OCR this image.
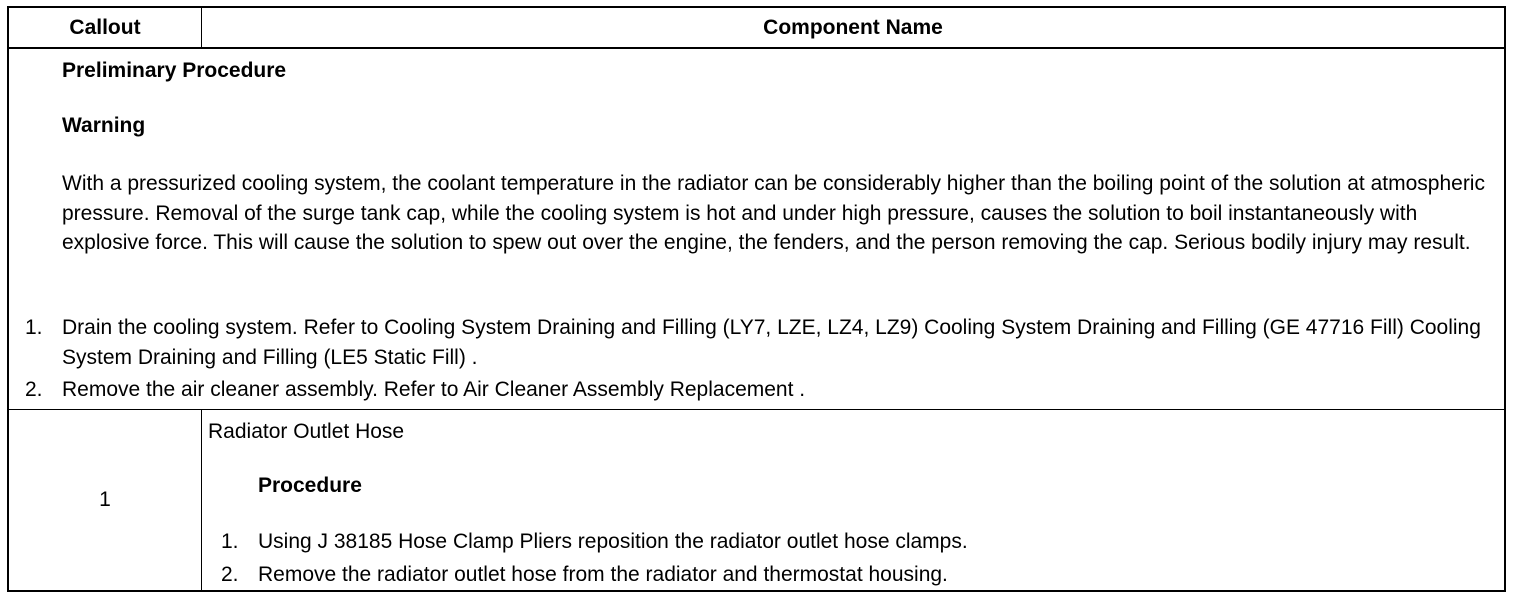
Callout	Component Name
Preliminary Procedure
Warning
With a pressurized cooling system, the coolant temperature in the radiator can be considerably higher than the boiling point of the solution at atmospheric pressure. Removal of the surge tank cap, while the cooling system is hot and under high pressure, causes the solution to boil instantaneously with explosive force. This will cause the solution to spew out over the engine, the fenders, and the person removing the cap. Serious bodily injury may result.
1. Drain the cooling system. Refer to Cooling System Draining and Filling (LY7, LZE, LZ4, LZ9) Cooling System Draining and Filling (GE 47716 Fill) Cooling System Draining and Filling (LE5 Static Fill) .
2. Remove the air cleaner assembly. Refer to Air Cleaner Assembly Replacement .
1
Radiator Outlet Hose
Procedure
1. Using J 38185 Hose Clamp Pliers reposition the radiator outlet hose clamps.
2. Remove the radiator outlet hose from the radiator and thermostat housing.
